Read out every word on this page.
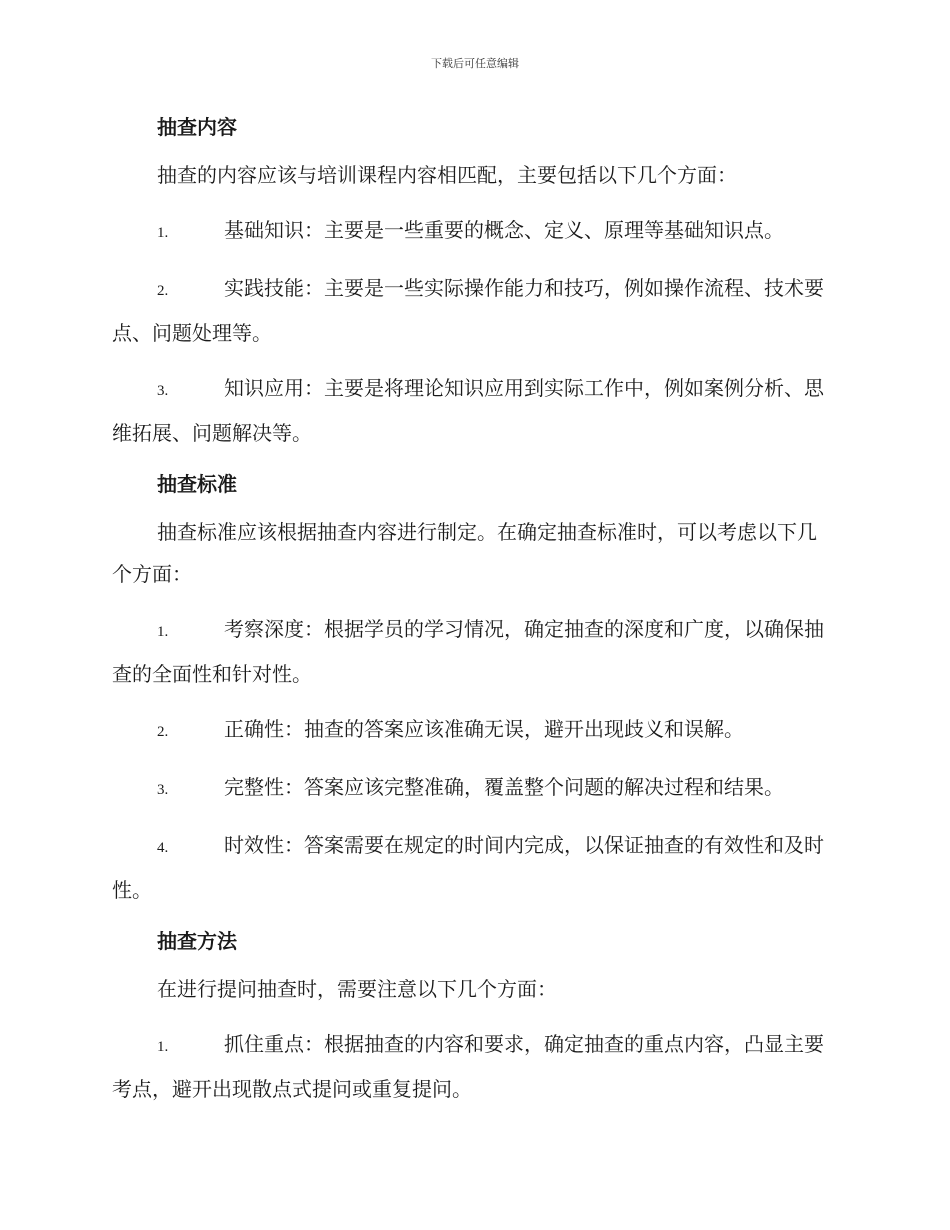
下载后可任意编辑
抽查内容

抽查的内容应该与培训课程内容相匹配，主要包括以下几个方面：

1.	基础知识：主要是一些重要的概念、定义、原理等基础知识点。

2.	实践技能：主要是一些实际操作能力和技巧，例如操作流程、技术要点、问题处理等。

3.	知识应用：主要是将理论知识应用到实际工作中，例如案例分析、思维拓展、问题解决等。

抽查标准

抽查标准应该根据抽查内容进行制定。在确定抽查标准时，可以考虑以下几个方面：

1.	考察深度：根据学员的学习情况，确定抽查的深度和广度，以确保抽查的全面性和针对性。

2.	正确性：抽查的答案应该准确无误，避开出现歧义和误解。

3.	完整性：答案应该完整准确，覆盖整个问题的解决过程和结果。

4.	时效性：答案需要在规定的时间内完成，以保证抽查的有效性和及时性。

抽查方法

在进行提问抽查时，需要注意以下几个方面：

1.	抓住重点：根据抽查的内容和要求，确定抽查的重点内容，凸显主要考点，避开出现散点式提问或重复提问。
